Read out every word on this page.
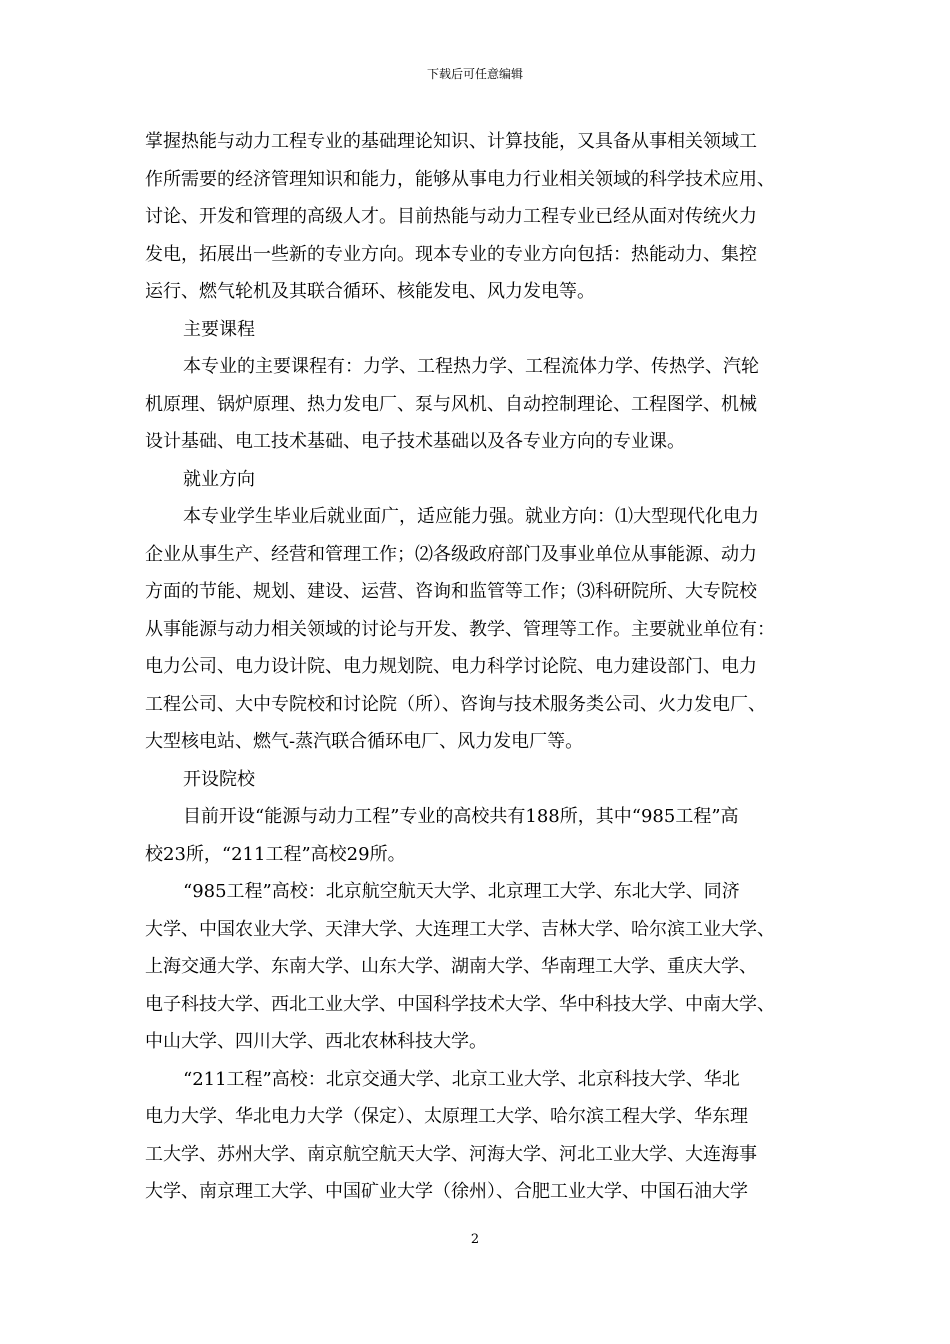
下载后可任意编辑

掌握热能与动力工程专业的基础理论知识、计算技能，又具备从事相关领域工
作所需要的经济管理知识和能力，能够从事电力行业相关领域的科学技术应用、
讨论、开发和管理的高级人才。目前热能与动力工程专业已经从面对传统火力
发电，拓展出一些新的专业方向。现本专业的专业方向包括：热能动力、集控
运行、燃气轮机及其联合循环、核能发电、风力发电等。

主要课程

本专业的主要课程有：力学、工程热力学、工程流体力学、传热学、汽轮
机原理、锅炉原理、热力发电厂、泵与风机、自动控制理论、工程图学、机械
设计基础、电工技术基础、电子技术基础以及各专业方向的专业课。

就业方向

本专业学生毕业后就业面广，适应能力强。就业方向：⑴大型现代化电力
企业从事生产、经营和管理工作；⑵各级政府部门及事业单位从事能源、动力
方面的节能、规划、建设、运营、咨询和监管等工作；⑶科研院所、大专院校
从事能源与动力相关领域的讨论与开发、教学、管理等工作。主要就业单位有：
电力公司、电力设计院、电力规划院、电力科学讨论院、电力建设部门、电力
工程公司、大中专院校和讨论院（所）、咨询与技术服务类公司、火力发电厂、
大型核电站、燃气-蒸汽联合循环电厂、风力发电厂等。

开设院校

目前开设“能源与动力工程”专业的高校共有188所，其中“985工程”高
校23所，“211工程”高校29所。

“985工程”高校：北京航空航天大学、北京理工大学、东北大学、同济
大学、中国农业大学、天津大学、大连理工大学、吉林大学、哈尔滨工业大学、
上海交通大学、东南大学、山东大学、湖南大学、华南理工大学、重庆大学、
电子科技大学、西北工业大学、中国科学技术大学、华中科技大学、中南大学、
中山大学、四川大学、西北农林科技大学。

“211工程”高校：北京交通大学、北京工业大学、北京科技大学、华北
电力大学、华北电力大学（保定）、太原理工大学、哈尔滨工程大学、华东理
工大学、苏州大学、南京航空航天大学、河海大学、河北工业大学、大连海事
大学、南京理工大学、中国矿业大学（徐州）、合肥工业大学、中国石油大学

2
